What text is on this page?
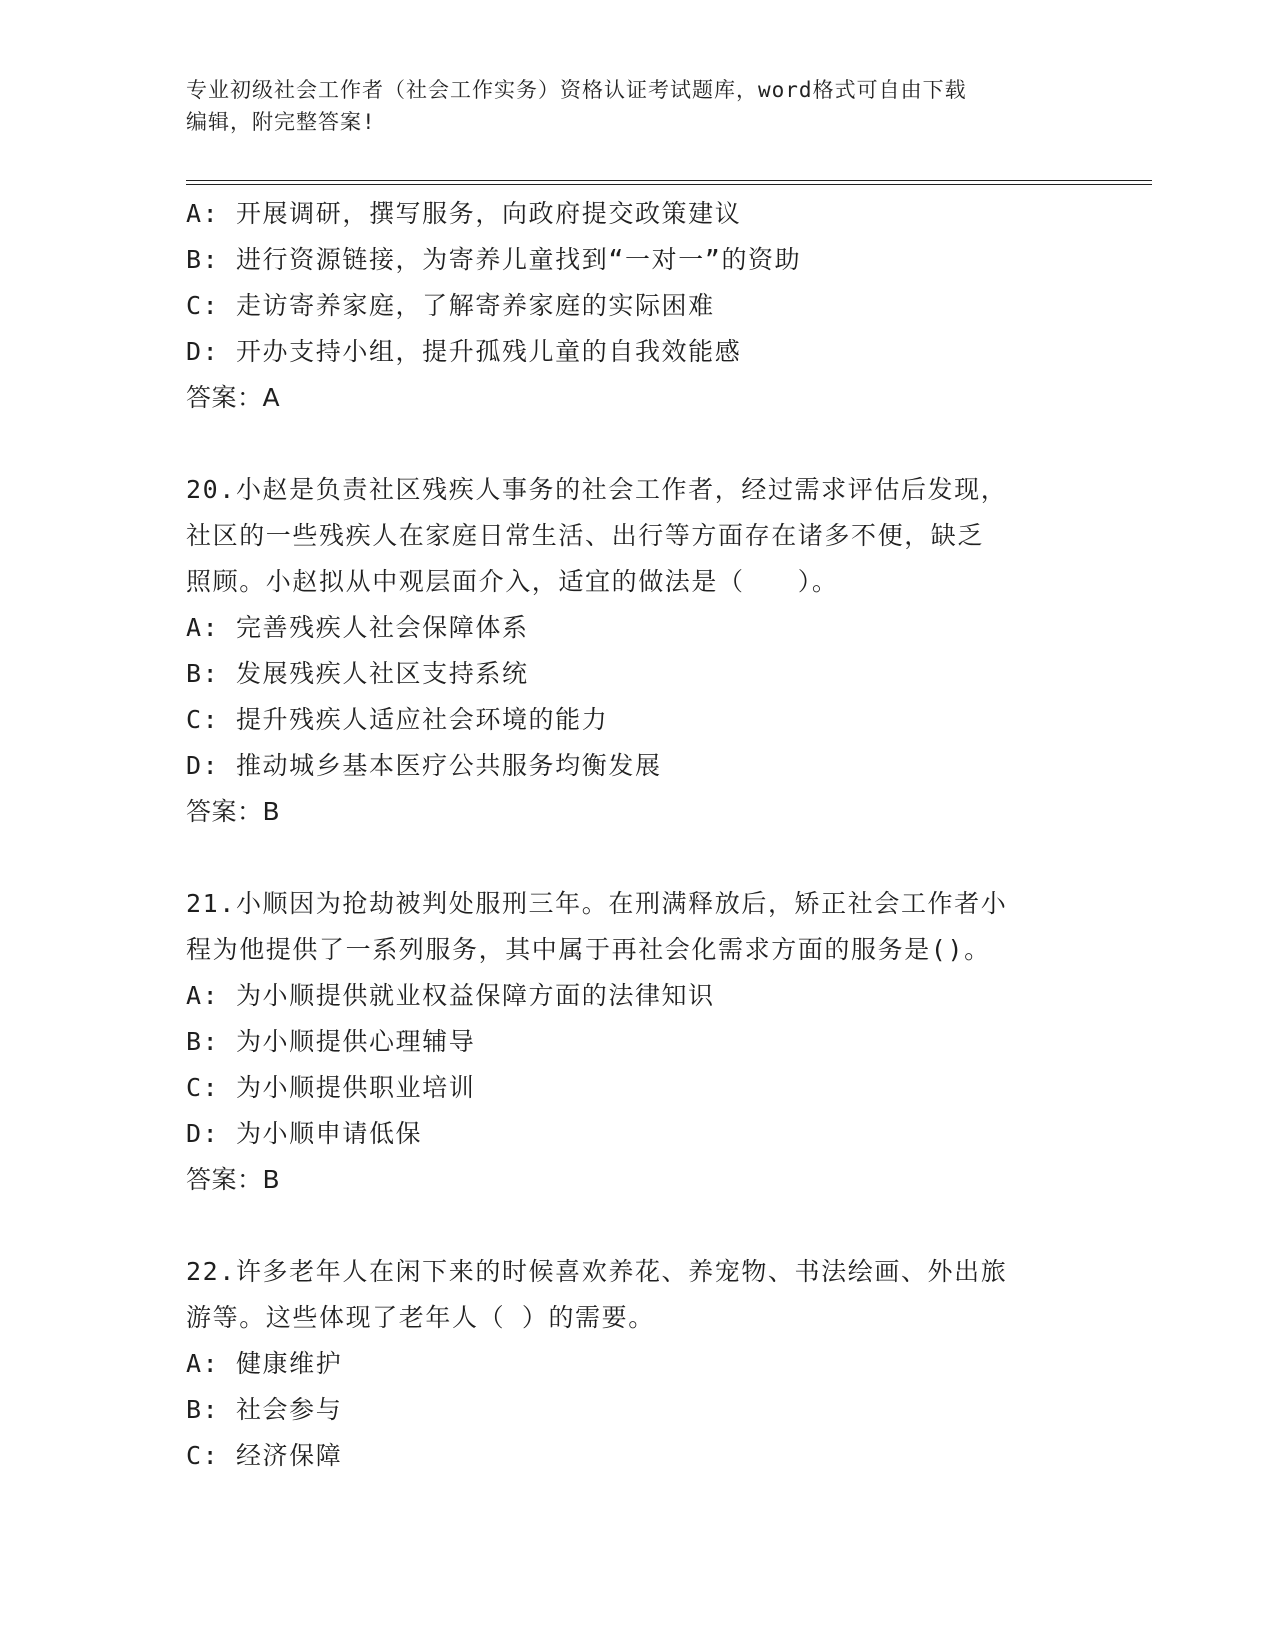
专业初级社会工作者（社会工作实务）资格认证考试题库，word格式可自由下载
编辑，附完整答案!
A: 开展调研，撰写服务，向政府提交政策建议
B: 进行资源链接，为寄养儿童找到“一对一”的资助
C: 走访寄养家庭，了解寄养家庭的实际困难
D: 开办支持小组，提升孤残儿童的自我效能感
答案：A
20.小赵是负责社区残疾人事务的社会工作者，经过需求评估后发现，
社区的一些残疾人在家庭日常生活、出行等方面存在诸多不便，缺乏
照顾。小赵拟从中观层面介入，适宜的做法是（　　）。
A: 完善残疾人社会保障体系
B: 发展残疾人社区支持系统
C: 提升残疾人适应社会环境的能力
D: 推动城乡基本医疗公共服务均衡发展
答案：B
21.小顺因为抢劫被判处服刑三年。在刑满释放后，矫正社会工作者小
程为他提供了一系列服务，其中属于再社会化需求方面的服务是()。
A: 为小顺提供就业权益保障方面的法律知识
B: 为小顺提供心理辅导
C: 为小顺提供职业培训
D: 为小顺申请低保
答案：B
22.许多老年人在闲下来的时候喜欢养花、养宠物、书法绘画、外出旅
游等。这些体现了老年人（ ）的需要。
A: 健康维护
B: 社会参与
C: 经济保障
